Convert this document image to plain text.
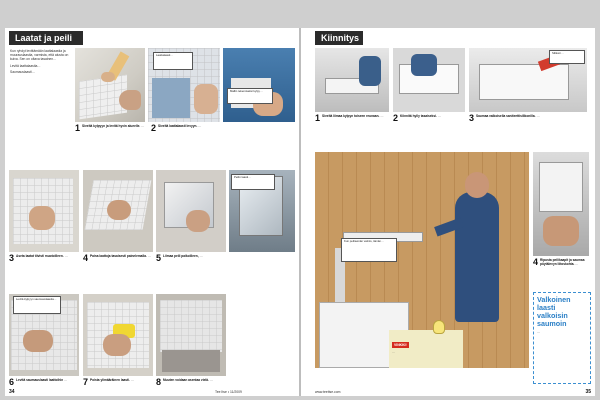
Laatat ja peili

Kun ryhdyt levittämään laattalaastia ja muurauslaastia, varmista, että alusta on kuiva. Sen on oltava tasainen…

Levitä laattalaastia…

Saumauslaasti…

Laattalaasti…
Mallin tekemiseksi kylpy…
1 Siveltä kylpyyn ja levitä hyvin alueelle. … 2 Siveltä laattalaasti levyyn. …
Peilin laasti…
3 Aseta laatat tiivisti muotoilleen. …	4 Paina laattoja tasaisesti painelemalla. … 5 Liimaa peili paikoilleen, …
Levitä kylpyyn saumauslaastia…
6 Levitä saumauslaasti laattoihin …	7 Poista ylimääräinen laasti. …	8 Muuten voidaan asentaa vielä. …
Tee Itse • 11/2009
34
Kiinnitys
Silikoni…
1 Siveltä liimaa kylpyn toiseen reunaan. …	2 Kiinnitä hylly tasaiseksi. …	3 Saumaa valkoisella saniteettisilikonilla. …
Kun peiliseinän valmis, tämän…
VINKKI!
…
4 Ripusta peilikaapit ja saumaa pöytälevyn liitoskohta. …
Valkoinen laasti valkoisin saumoin
…
www.teeitse.com	35
